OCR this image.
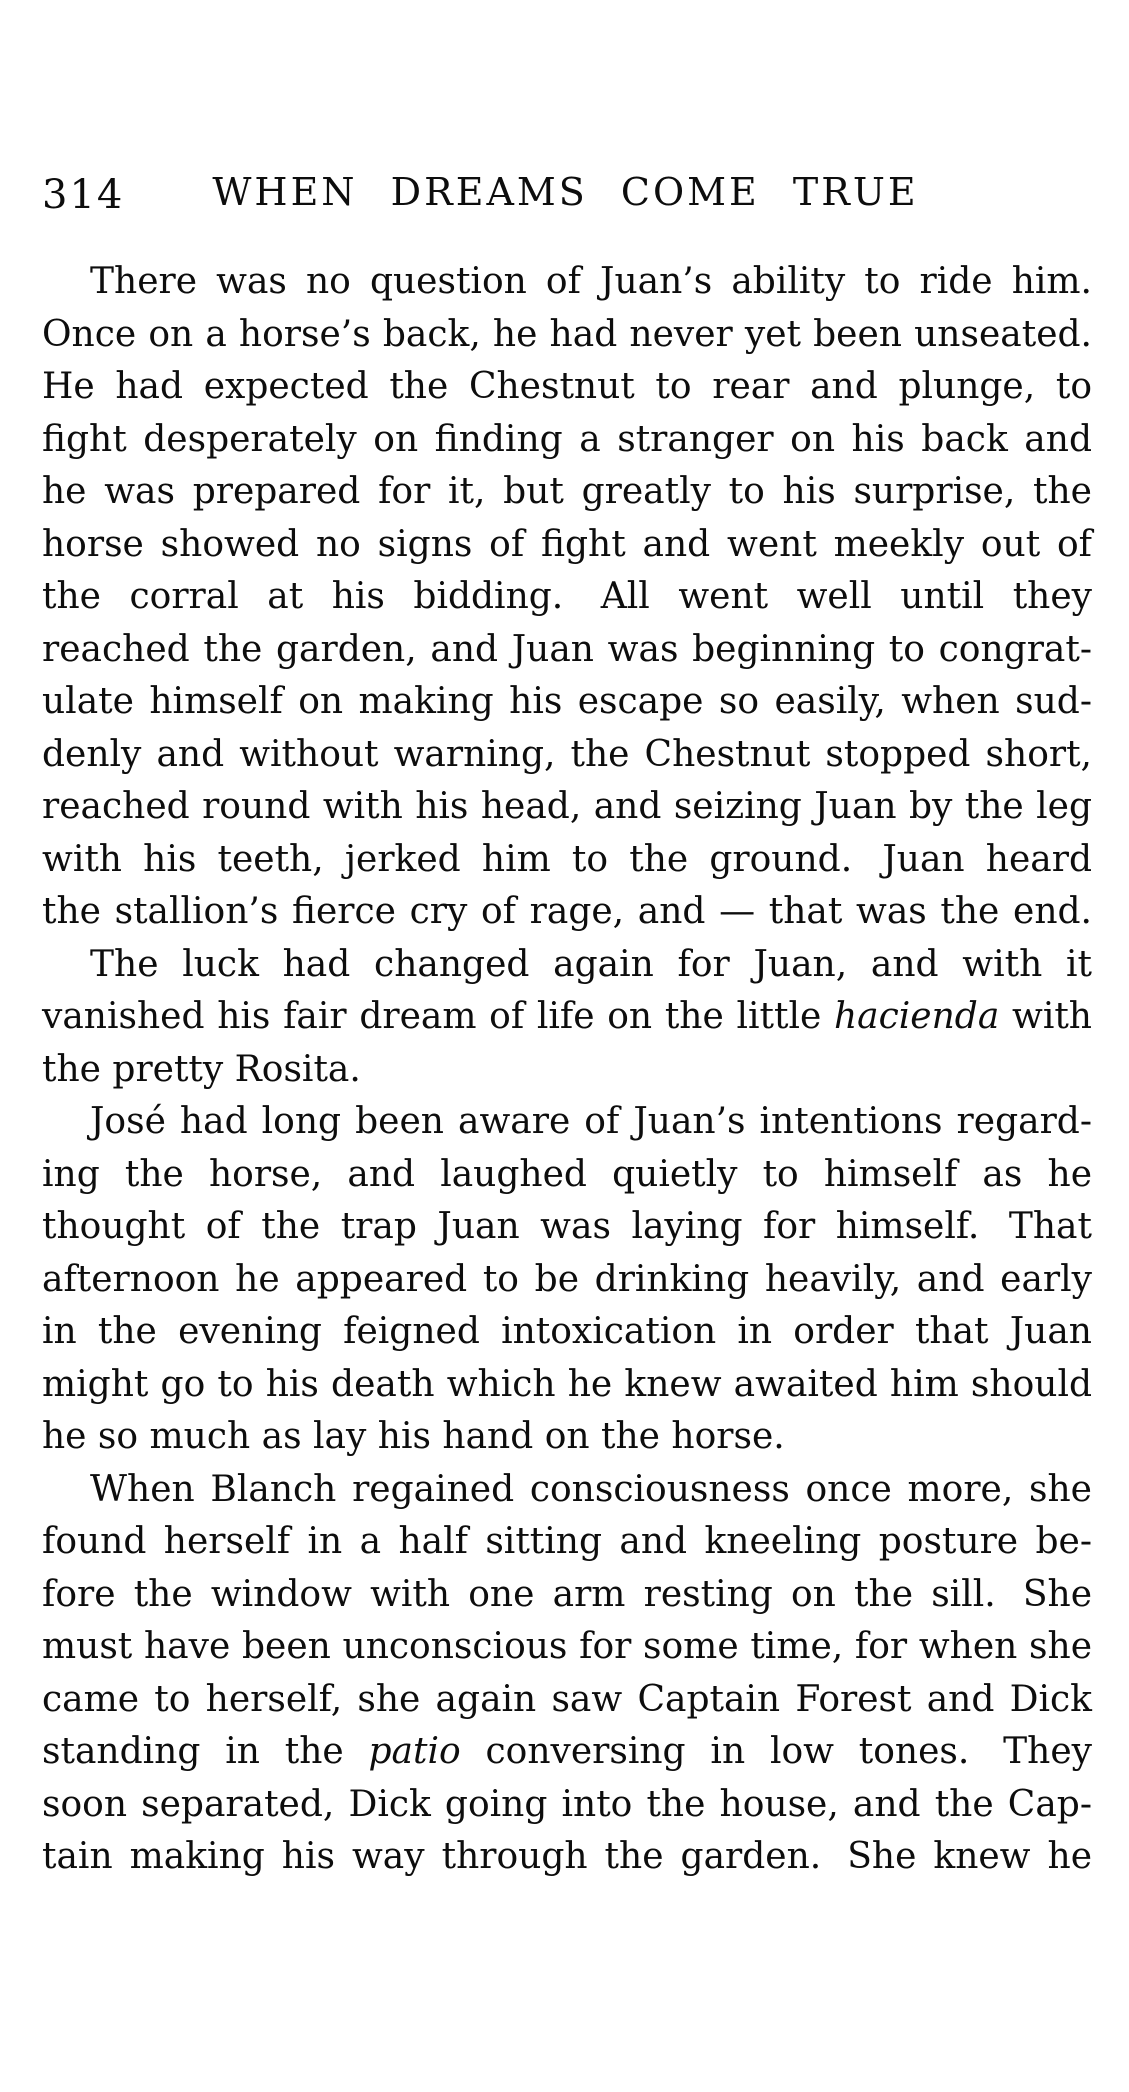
314	WHEN DREAMS COME TRUE
There was no question of Juan’s ability to ride him.
Once on a horse’s back, he had never yet been unseated.
He had expected the Chestnut to rear and plunge, to
fight desperately on finding a stranger on his back and
he was prepared for it, but greatly to his surprise, the
horse showed no signs of fight and went meekly out of
the corral at his bidding.  All went well until they
reached the garden, and Juan was beginning to congrat-
ulate himself on making his escape so easily, when sud-
denly and without warning, the Chestnut stopped short,
reached round with his head, and seizing Juan by the leg
with his teeth, jerked him to the ground.  Juan heard
the stallion’s fierce cry of rage, and — that was the end.
The luck had changed again for Juan, and with it
vanished his fair dream of life on the little hacienda with
the pretty Rosita.
José had long been aware of Juan’s intentions regard-
ing the horse, and laughed quietly to himself as he
thought of the trap Juan was laying for himself.  That
afternoon he appeared to be drinking heavily, and early
in the evening feigned intoxication in order that Juan
might go to his death which he knew awaited him should
he so much as lay his hand on the horse.
When Blanch regained consciousness once more, she
found herself in a half sitting and kneeling posture be-
fore the window with one arm resting on the sill.  She
must have been unconscious for some time, for when she
came to herself, she again saw Captain Forest and Dick
standing in the patio conversing in low tones.  They
soon separated, Dick going into the house, and the Cap-
tain making his way through the garden.  She knew he
